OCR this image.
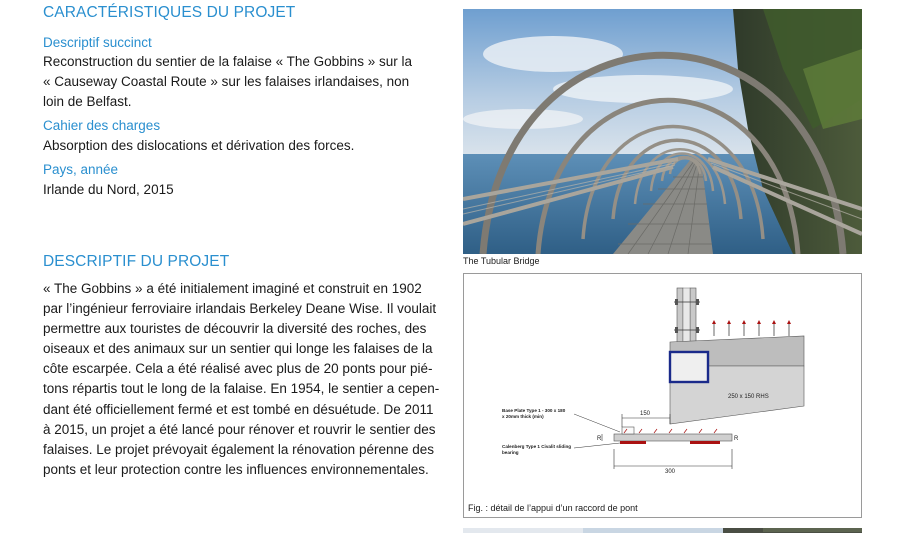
CARACTÉRISTIQUES DU PROJET
Descriptif succinct
Reconstruction du sentier de la falaise « The Gobbins » sur la
« Causeway Coastal Route » sur les falaises irlandaises, non
loin de Belfast.
Cahier des charges
Absorption des dislocations et dérivation des forces.
Pays, année
Irlande du Nord, 2015
DESCRIPTIF DU PROJET
« The Gobbins » a été initialement imaginé et construit en 1902
par l’ingénieur ferroviaire irlandais Berkeley Deane Wise. Il voulait
permettre aux touristes de découvrir la diversité des roches, des
oiseaux et des animaux sur un sentier qui longe les falaises de la
côte escarpée. Cela a été réalisé avec plus de 20 ponts pour pié-
tons répartis tout le long de la falaise. En 1954, le sentier a cepen-
dant été officiellement fermé et est tombé en désuétude. De 2011
à 2015, un projet a été lancé pour rénover et rouvrir le sentier des
falaises. Le projet prévoyait également la rénovation pérenne des
ponts et leur protection contre les influences environnementales.
The Tubular Bridge
250 x 150 RHS
150
300
R	R
Base Plate Type 1 - 300 x 180
x 20mm thick (min)
Calenberg Type 1 Civalit sliding
bearing
Fig. : détail de l’appui d’un raccord de pont
